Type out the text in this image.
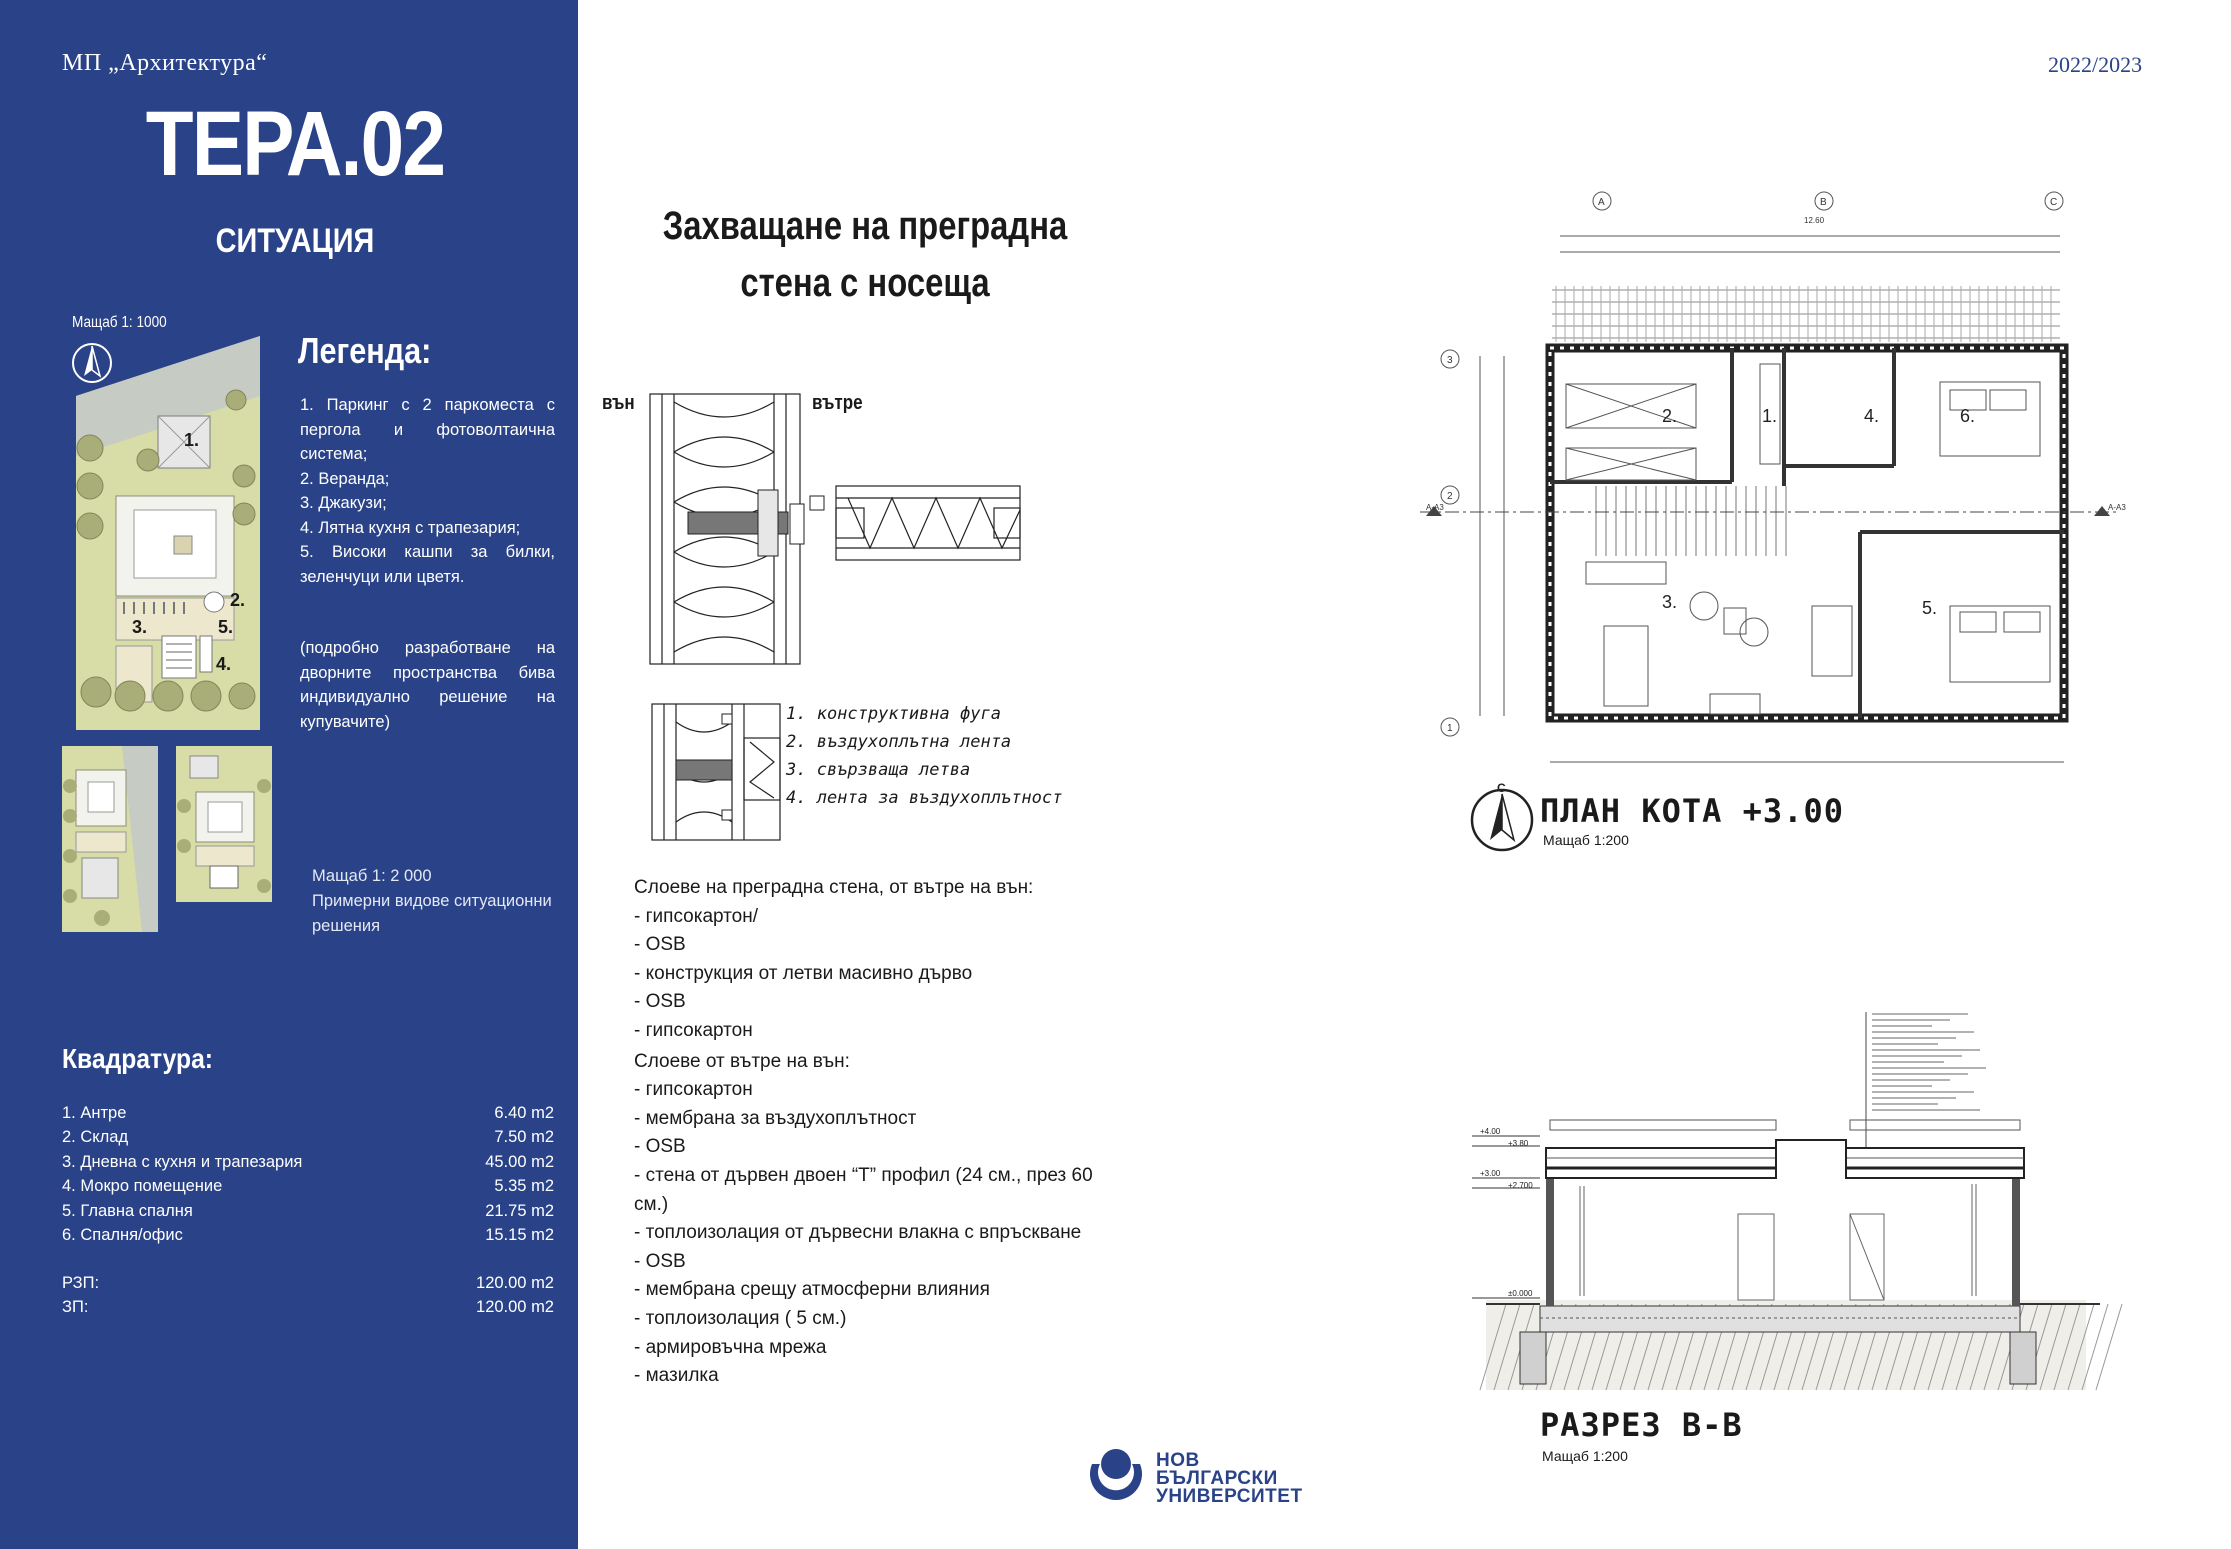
МП „Архитектура“
ТЕРА.02
СИТУАЦИЯ
Мащаб 1: 1000
1.
2.
3.	5.
4.
Легенда:
1. Паркинг с 2 паркоместа с пергола и фотоволтаична система;
2. Веранда;
3. Джакузи;
4. Лятна кухня с трапезария;
5. Високи кашпи за билки, зеленчуци или цветя.
(подробно разработване на дворните пространства бива индивидуално решение на купувачите)
Мащаб 1: 2 000
Примерни видове ситуационни
решения
Квадратура:
1. Антре	6.40 m2
2. Склад	7.50 m2
3. Дневна с кухня и трапезария	45.00 m2
4. Мокро помещение	5.35 m2
5. Главна спалня	21.75 m2
6. Спалня/офис	15.15 m2
РЗП:	120.00 m2
ЗП:	120.00 m2
2022/2023
Захващане на преградна
стена с носеща
вън	вътре
1. конструктивна фуга
2. въздухоплътна лента
3. свързваща летва
4. лента за въздухоплътност
Слоеве на преградна стена, от вътре на вън:
- гипсокартон/
- OSB
- конструкция от летви масивно дърво
- OSB
- гипсокартон
Слоеве от вътре на вън:
- гипсокартон
- мембрана за въздухоплътност
- OSB
- стена от дървен двоен “Т” профил (24 см., през 60
см.)
- топлоизолация от дървесни влакна с впръскване
- OSB
- мембрана срещу атмосферни влияния
- топлоизолация ( 5 см.)
- армировъчна мрежа
- мазилка
НОВ
БЪЛГАРСКИ
УНИВЕРСИТЕТ
A	B	C
3
2
1
12.60
А-А3	А-А3
2.	1.	4.	6.
3.	5.
С
ПЛАН КОТА +3.00
Мащаб 1:200
+4.00
+3.80
+3.00
+2.700
±0.000
РАЗРЕЗ В-В
Мащаб 1:200
